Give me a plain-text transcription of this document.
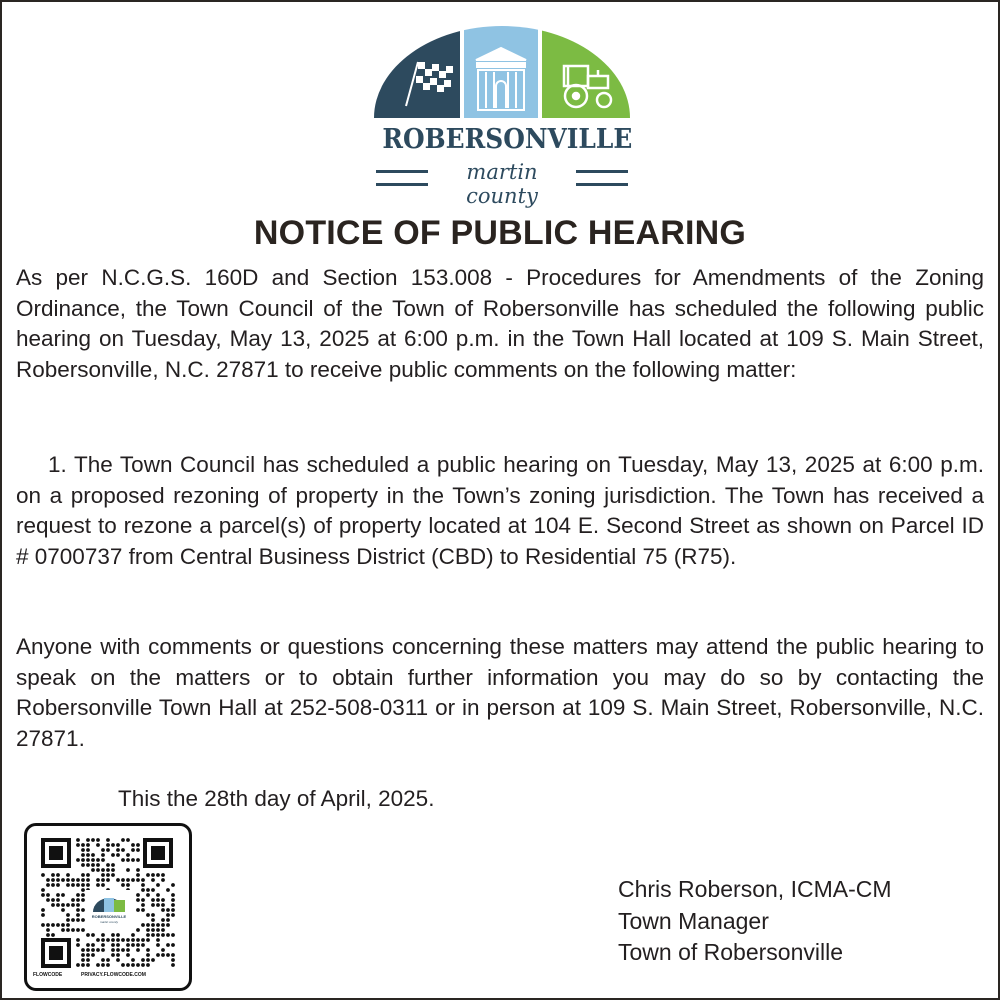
ROBERSONVILLE
martin county
NOTICE OF PUBLIC HEARING

As per N.C.G.S. 160D and Section 153.008 - Procedures for Amendments of the Zoning Ordinance, the Town Council of the Town of Robersonville has scheduled the following public hearing on Tuesday, May 13, 2025 at 6:00 p.m. in the Town Hall located at 109 S. Main Street, Robersonville, N.C. 27871 to receive public comments on the following matter:

1. The Town Council has scheduled a public hearing on Tuesday, May 13, 2025 at 6:00 p.m. on a proposed rezoning of property in the Town’s zoning jurisdiction. The Town has received a request to rezone a parcel(s) of property located at 104 E. Second Street as shown on Parcel ID # 0700737 from Central Business District (CBD) to Residential 75 (R75).

Anyone with comments or questions concerning these matters may attend the public hearing to speak on the matters or to obtain further information you may do so by contacting the Robersonville Town Hall at 252-508-0311 or in person at 109 S. Main Street, Robersonville, N.C. 27871.

This the 28th day of April, 2025.

ROBERSONVILLE
martin county
FLOWCODE	PRIVACY.FLOWCODE.COM
Chris Roberson, ICMA-CM
Town Manager
Town of Robersonville
